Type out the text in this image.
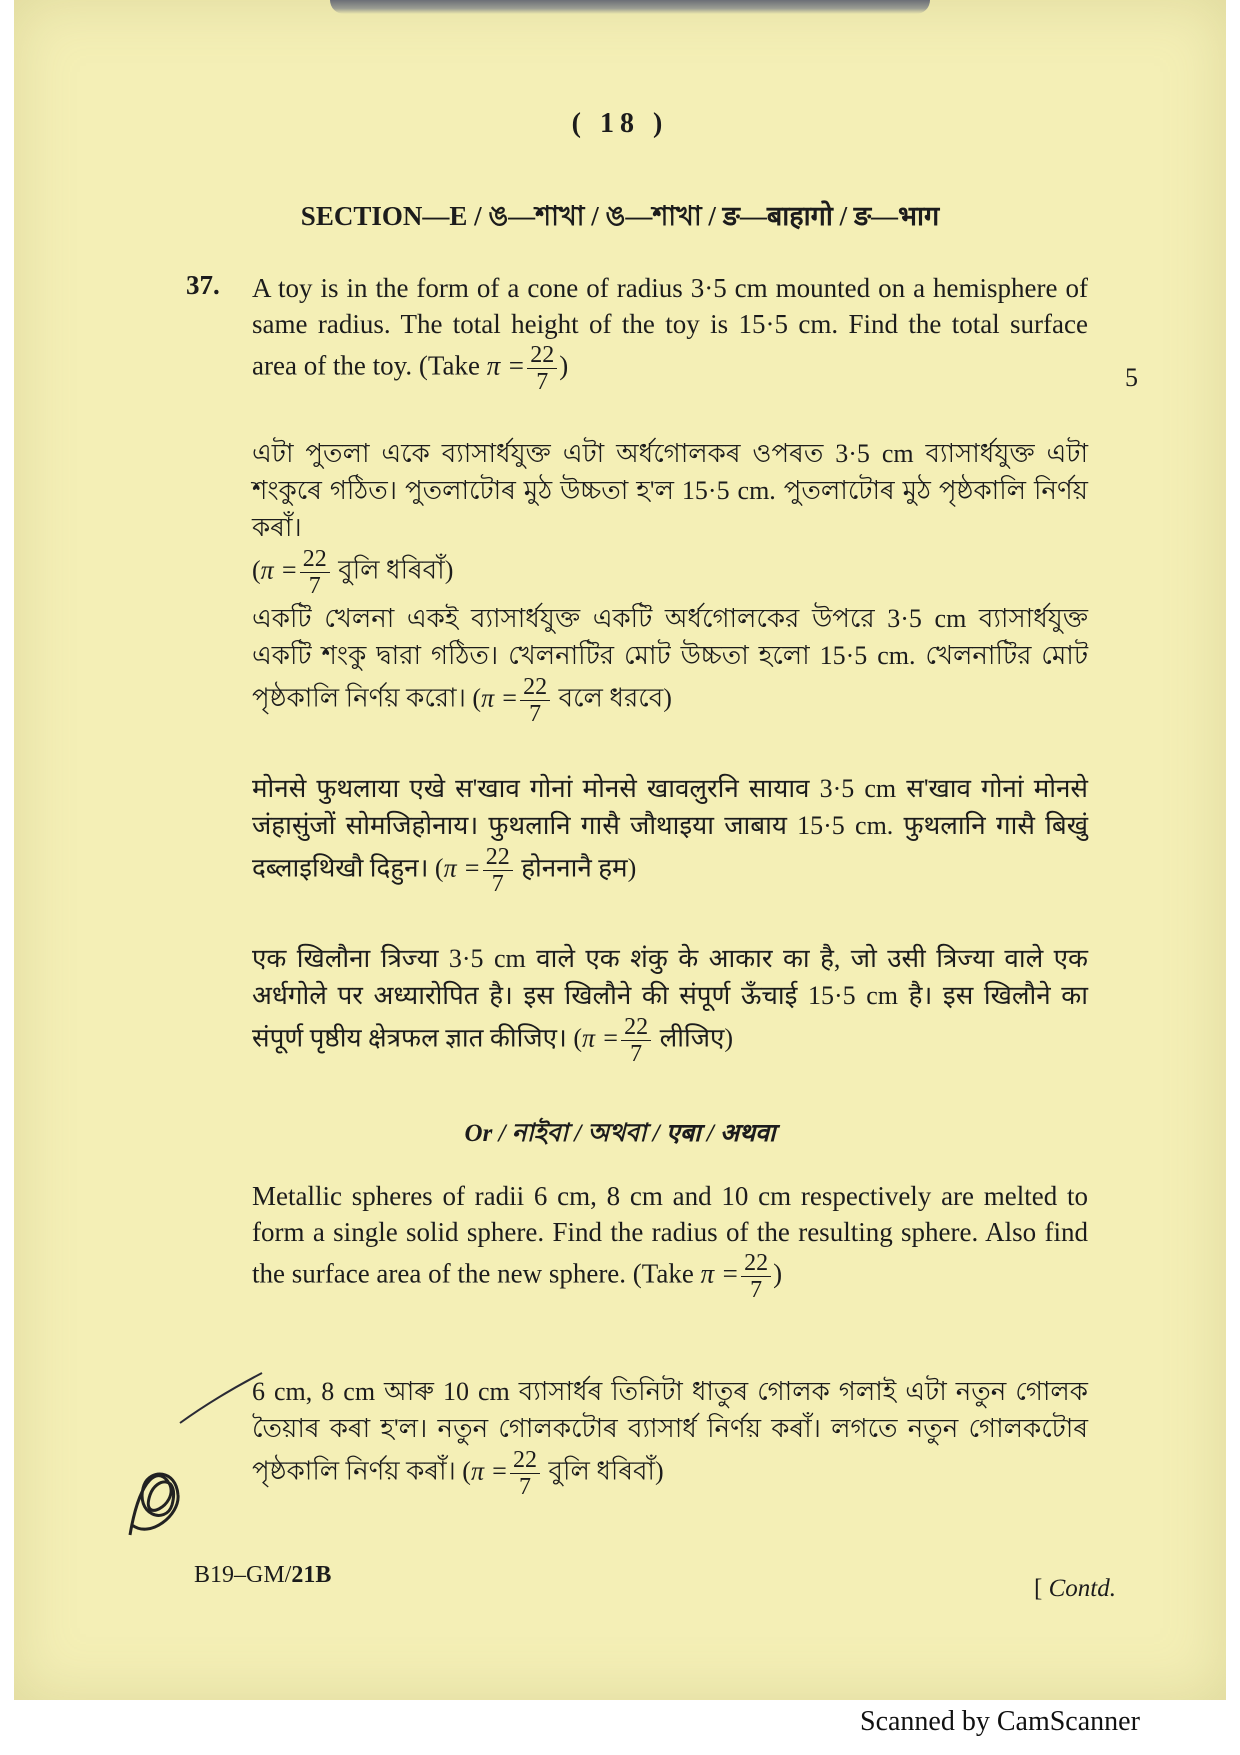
( 18 )
SECTION—E / ঙ—শাখা / ঙ—শাখা / ङ—बाहागो / ङ—भाग
37.
5
A toy is in the form of a cone of radius 3·5 cm mounted on a hemisphere of same radius. The total height of the toy is 15·5 cm. Find the total surface area of the toy. (Take $\pi = \frac{22}{7}$ )
এটা পুতলা একে ব্যাসাৰ্ধযুক্ত এটা অৰ্ধগোলকৰ ওপৰত 3·5 cm ব্যাসাৰ্ধযুক্ত এটা শংকুৰে গঠিত। পুতলাটোৰ মুঠ উচ্চতা হ'ল 15·5 cm. পুতলাটোৰ মুঠ পৃষ্ঠকালি নিৰ্ণয় কৰাঁ।
($\pi = \frac{22}{7}$ বুলি ধৰিবাঁ)
একটি খেলনা একই ব্যাসার্ধযুক্ত একটি অর্ধগোলকের উপরে 3·5 cm ব্যাসার্ধযুক্ত একটি শংকু দ্বারা গঠিত। খেলনাটির মোট উচ্চতা হলো 15·5 cm. খেলনাটির মোট পৃষ্ঠকালি নির্ণয় করো। ($\pi = \frac{22}{7}$ বলে ধরবে)
मोनसे फुथलाया एखे स'खाव गोनां मोनसे खावलुरनि सायाव 3·5 cm स'खाव गोनां मोनसे जंहासुंजों सोमजिहोनाय। फुथलानि गासै जौथाइया जाबाय 15·5 cm. फुथलानि गासै बिखुं दब्लाइथिखौ दिहुन। ($\pi = \frac{22}{7}$ होननानै हम)
एक खिलौना त्रिज्या 3·5 cm वाले एक शंकु के आकार का है, जो उसी त्रिज्या वाले एक अर्धगोले पर अध्यारोपित है। इस खिलौने की संपूर्ण ऊँचाई 15·5 cm है। इस खिलौने का संपूर्ण पृष्ठीय क्षेत्रफल ज्ञात कीजिए। ($\pi = \frac{22}{7}$ लीजिए)
Or / নাইবা / অথবা / एबा / अथवा
Metallic spheres of radii 6 cm, 8 cm and 10 cm respectively are melted to form a single solid sphere. Find the radius of the resulting sphere. Also find the surface area of the new sphere. (Take $\pi = \frac{22}{7}$ )
6 cm, 8 cm আৰু 10 cm ব্যাসাৰ্ধৰ তিনিটা ধাতুৰ গোলক গলাই এটা নতুন গোলক তৈয়াৰ কৰা হ'ল। নতুন গোলকটোৰ ব্যাসাৰ্ধ নিৰ্ণয় কৰাঁ। লগতে নতুন গোলকটোৰ পৃষ্ঠকালি নিৰ্ণয় কৰাঁ। ($\pi = \frac{22}{7}$ বুলি ধৰিবাঁ)
B19–GM/21B	[ Contd.
Scanned by CamScanner
